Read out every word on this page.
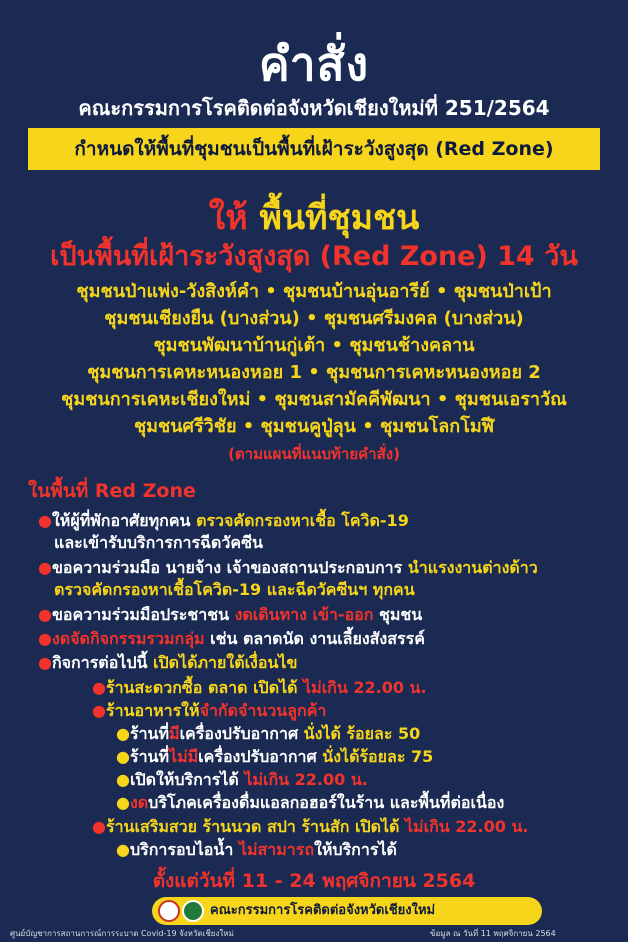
คำสั่ง
คณะกรรมการโรคติดต่อจังหวัดเชียงใหม่ที่ 251/2564
กำหนดให้พื้นที่ชุมชนเป็นพื้นที่เฝ้าระวังสูงสุด (Red Zone)
ให้ พื้นที่ชุมชน
เป็นพื้นที่เฝ้าระวังสูงสุด (Red Zone) 14 วัน
ชุมชนป่าแพ่ง-วังสิงห์คำ • ชุมชนบ้านอุ่นอารีย์ • ชุมชนป่าเป้า
ชุมชนเชียงยืน (บางส่วน) • ชุมชนศรีมงคล (บางส่วน)
ชุมชนพัฒนาบ้านกู่เต้า • ชุมชนช้างคลาน
ชุมชนการเคหะหนองหอย 1 • ชุมชนการเคหะหนองหอย 2
ชุมชนการเคหะเชียงใหม่ • ชุมชนสามัคคีพัฒนา • ชุมชนเอราวัณ
ชุมชนศรีวิชัย • ชุมชนคูปู่ลุน • ชุมชนโลกโมฬี
(ตามแผนที่แนบท้ายคำสั่ง)
ในพื้นที่ Red Zone
●ให้ผู้ที่พักอาศัยทุกคน ตรวจคัดกรองหาเชื้อ โควิด-19
และเข้ารับบริการการฉีดวัคซีน
●ขอความร่วมมือ นายจ้าง เจ้าของสถานประกอบการ นำแรงงานต่างด้าว
ตรวจคัดกรองหาเชื้อโควิด-19 และฉีดวัคซีนฯ ทุกคน
●ขอความร่วมมือประชาชน งดเดินทาง เข้า-ออก ชุมชน
●งดจัดกิจกรรมรวมกลุ่ม เช่น ตลาดนัด งานเลี้ยงสังสรรค์
●กิจการต่อไปนี้ เปิดได้ภายใต้เงื่อนไข
●ร้านสะดวกซื้อ ตลาด เปิดได้ ไม่เกิน 22.00 น.
●ร้านอาหารให้จำกัดจำนวนลูกค้า
●ร้านที่มีเครื่องปรับอากาศ นั่งได้ ร้อยละ 50
●ร้านที่ไม่มีเครื่องปรับอากาศ นั่งได้ร้อยละ 75
●เปิดให้บริการได้ ไม่เกิน 22.00 น.
●งดบริโภคเครื่องดื่มแอลกอฮอร์ในร้าน และพื้นที่ต่อเนื่อง
●ร้านเสริมสวย ร้านนวด สปา ร้านสัก เปิดได้ ไม่เกิน 22.00 น.
●บริการอบไอน้ำ ไม่สามารถให้บริการได้
ตั้งแต่วันที่ 11 - 24 พฤศจิกายน 2564
คณะกรรมการโรคติดต่อจังหวัดเชียงใหม่
ศูนย์บัญชาการสถานการณ์การระบาด Covid-19 จังหวัดเชียงใหม่	ข้อมูล ณ วันที่ 11 พฤศจิกายน 2564
